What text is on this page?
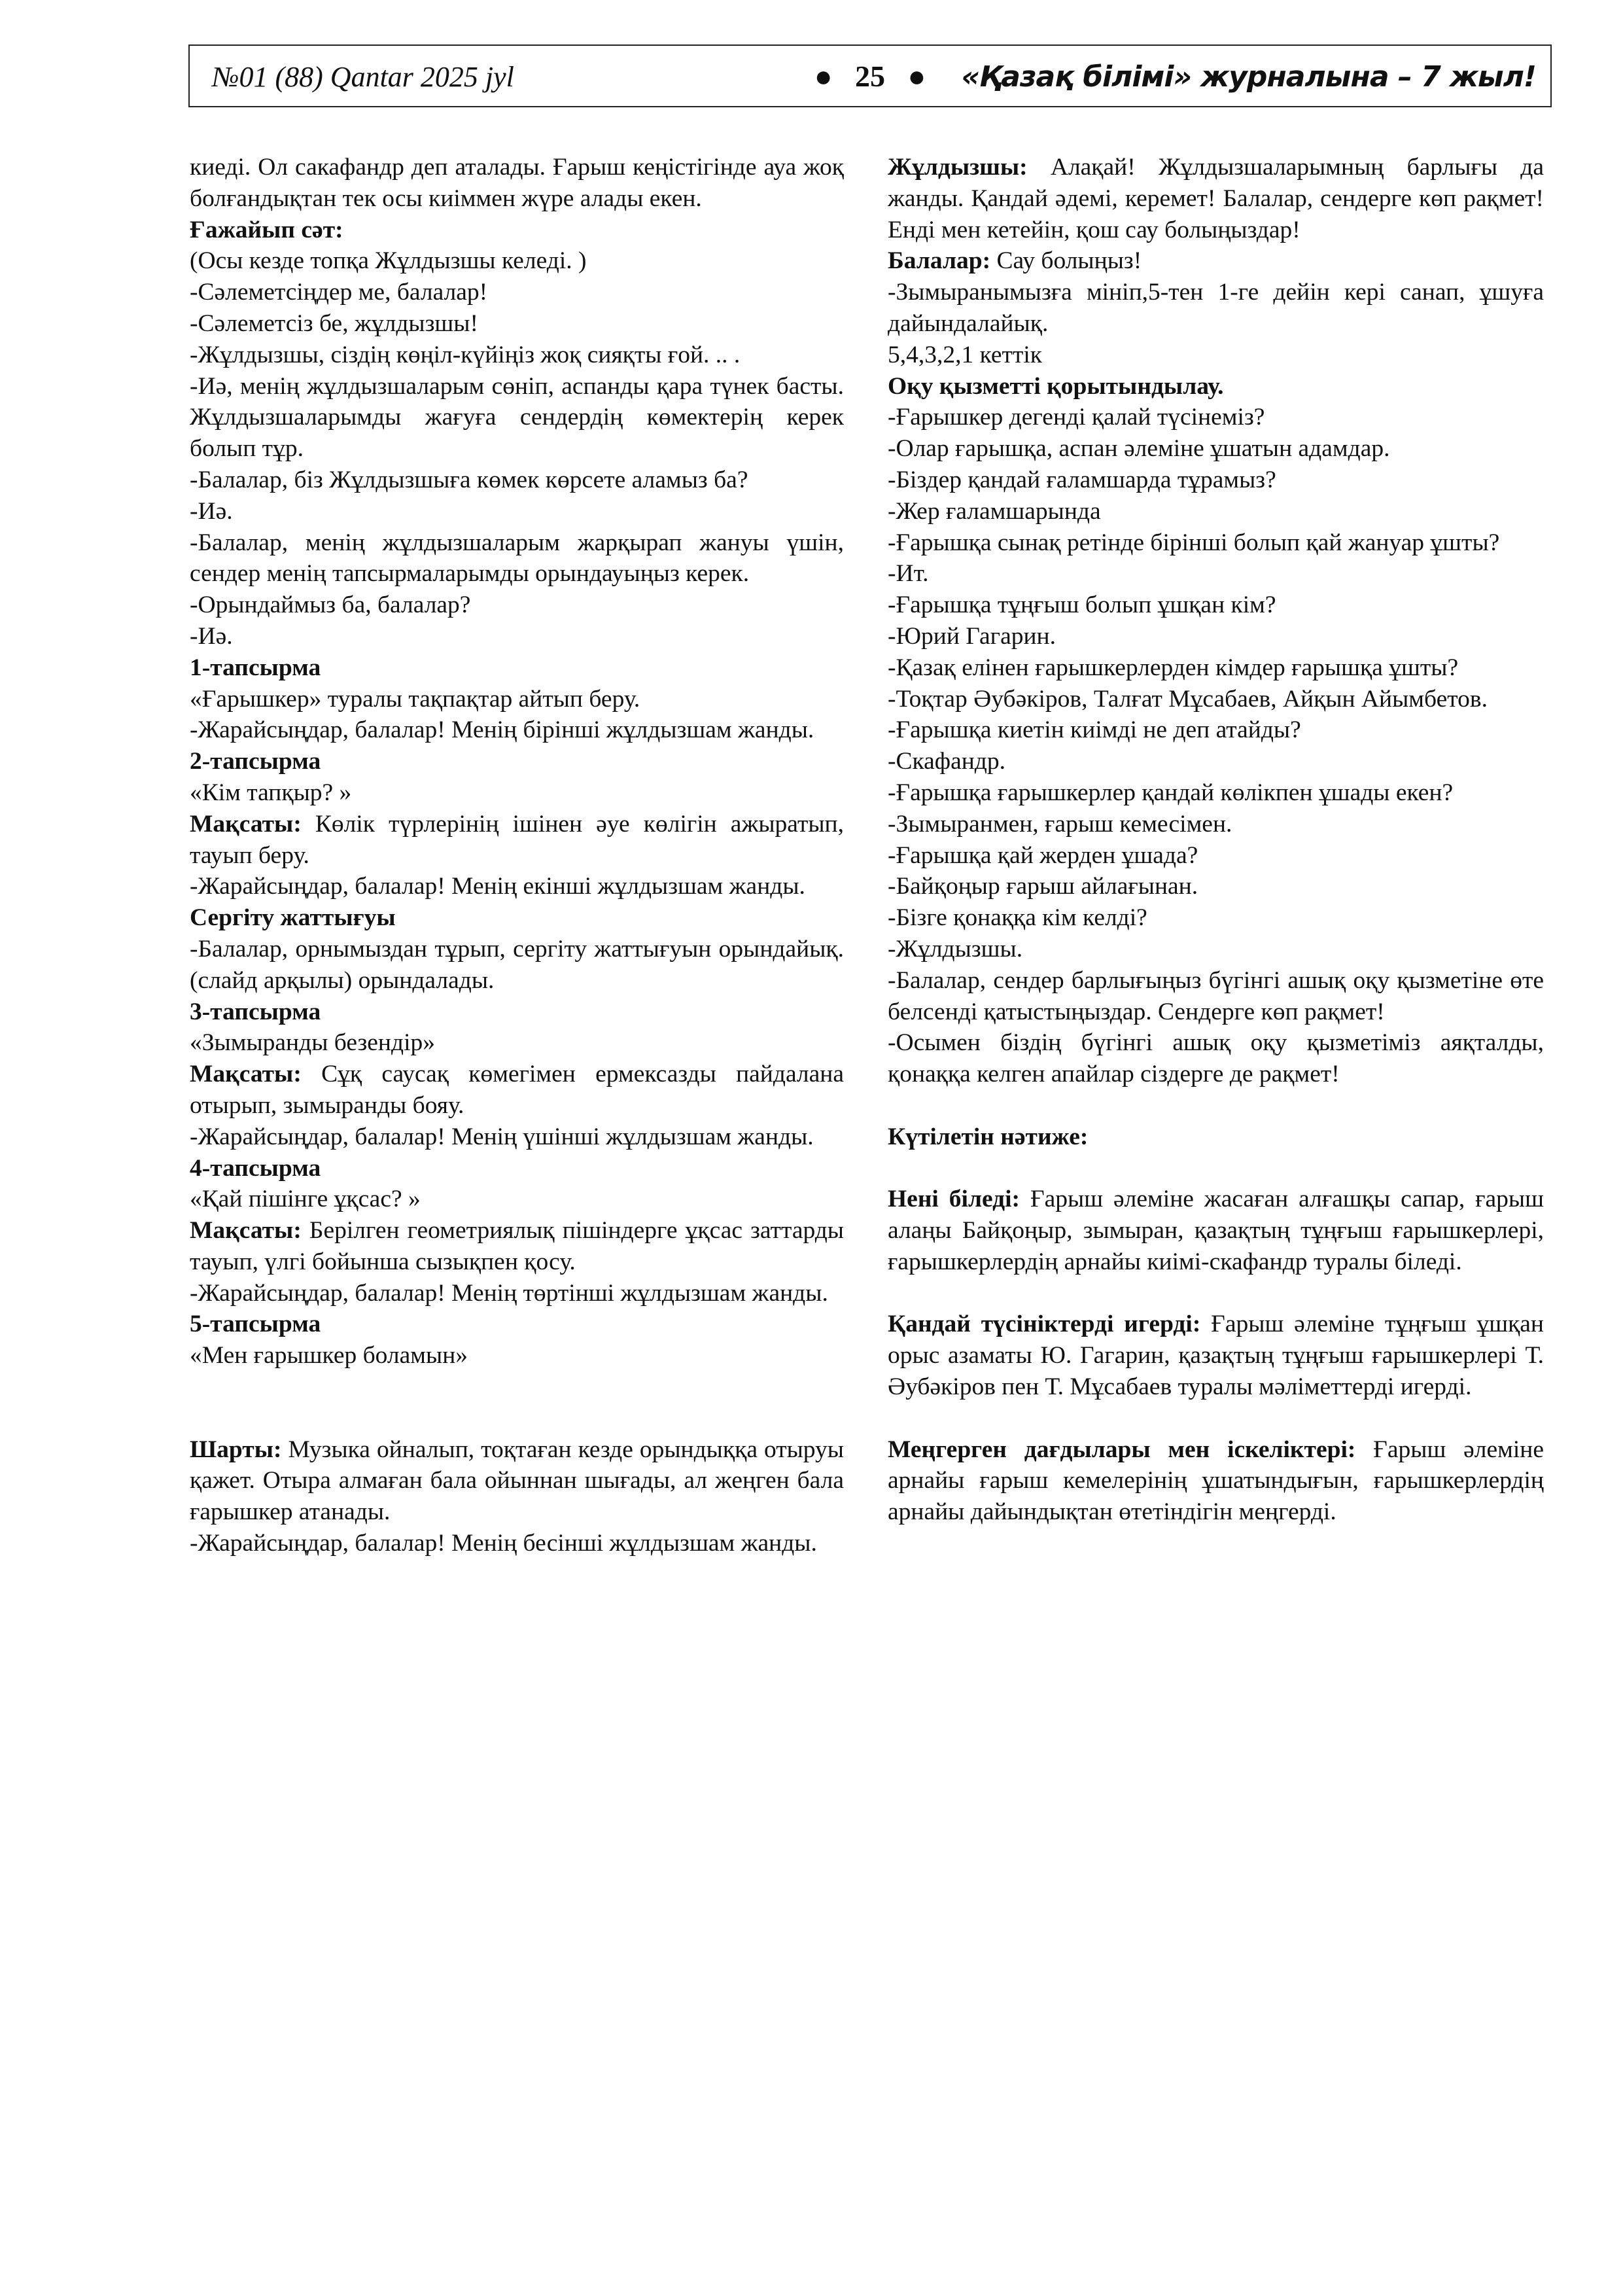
№01 (88) Qantar 2025 jyl	● 25 ●	«Қазақ білімі» журналына – 7 жыл!

киеді. Ол сакафандр деп аталады. Ғарыш кеңістігінде ауа жоқ болғандықтан тек осы киіммен жүре алады екен.

Ғажайып сәт:

(Осы кезде топқа Жұлдызшы келеді. )

-Сәлеметсіңдер ме, балалар!

-Сәлеметсіз бе, жұлдызшы!

-Жұлдызшы, сіздің көңіл-күйіңіз жоқ сияқты ғой. .. .

-Иә, менің жұлдызшаларым сөніп, аспанды қара түнек басты. Жұлдызшаларымды жағуға сендердің көмектерің керек болып тұр.

-Балалар, біз Жұлдызшыға көмек көрсете аламыз ба?

-Иә.

-Балалар, менің жұлдызшаларым жарқырап жануы үшін, сендер менің тапсырмаларымды орындауыңыз керек.

-Орындаймыз ба, балалар?

-Иә.

1-тапсырма

«Ғарышкер» туралы тақпақтар айтып беру.

-Жарайсыңдар, балалар! Менің бірінші жұлдызшам жанды.

2-тапсырма

«Кім тапқыр? »

Мақсаты: Көлік түрлерінің ішінен әуе көлігін ажыратып, тауып беру.

-Жарайсыңдар, балалар! Менің екінші жұлдызшам жанды.

Сергіту жаттығуы

-Балалар, орнымыздан тұрып, сергіту жаттығуын орындайық. (слайд арқылы) орындалады.

3-тапсырма

«Зымыранды безендір»

Мақсаты: Сұқ саусақ көмегімен ермексазды пайдалана отырып, зымыранды бояу.

-Жарайсыңдар, балалар! Менің үшінші жұлдызшам жанды.

4-тапсырма

«Қай пішінге ұқсас? »

Мақсаты: Берілген геометриялық пішіндерге ұқсас заттарды тауып, үлгі бойынша сызықпен қосу.

-Жарайсыңдар, балалар! Менің төртінші жұлдызшам жанды.

5-тапсырма

«Мен ғарышкер боламын»

Шарты: Музыка ойналып, тоқтаған кезде орындыққа отыруы қажет. Отыра алмаған бала ойыннан шығады, ал жеңген бала ғарышкер атанады.

-Жарайсыңдар, балалар! Менің бесінші жұлдызшам жанды.

Жұлдызшы: Алақай! Жұлдызшаларымның барлығы да жанды. Қандай әдемі, керемет! Балалар, сендерге көп рақмет! Енді мен кетейін, қош сау болыңыздар!

Балалар: Сау болыңыз!

-Зымыранымызға мініп,5-тен 1-ге дейін кері санап, ұшуға дайындалайық.

5,4,3,2,1 кеттік

Оқу қызметті қорытындылау.

-Ғарышкер дегенді қалай түсінеміз?

-Олар ғарышқа, аспан әлеміне ұшатын адамдар.

-Біздер қандай ғаламшарда тұрамыз?

-Жер ғаламшарында

-Ғарышқа сынақ ретінде бірінші болып қай жануар ұшты?

-Ит.

-Ғарышқа тұңғыш болып ұшқан кім?

-Юрий Гагарин.

-Қазақ елінен ғарышкерлерден кімдер ғарышқа ұшты?

-Тоқтар Әубәкіров, Талғат Мұсабаев, Айқын Айымбетов.

-Ғарышқа киетін киімді не деп атайды?

-Скафандр.

-Ғарышқа ғарышкерлер қандай көлікпен ұшады екен?

-Зымыранмен, ғарыш кемесімен.

-Ғарышқа қай жерден ұшада?

-Байқоңыр ғарыш айлағынан.

-Бізге қонаққа кім келді?

-Жұлдызшы.

-Балалар, сендер барлығыңыз бүгінгі ашық оқу қызметіне өте белсенді қатыстыңыздар. Сендерге көп рақмет!

-Осымен біздің бүгінгі ашық оқу қызметіміз аяқталды, қонаққа келген апайлар сіздерге де рақмет!

Күтілетін нәтиже:

Нені біледі: Ғарыш әлеміне жасаған алғашқы сапар, ғарыш алаңы Байқоңыр, зымыран, қазақтың тұңғыш ғарышкерлері, ғарышкерлердің арнайы киімі-скафандр туралы біледі.

Қандай түсініктерді игерді: Ғарыш әлеміне тұңғыш ұшқан орыс азаматы Ю. Гагарин, қазақтың тұңғыш ғарышкерлері Т. Әубәкіров пен Т. Мұсабаев туралы мәліметтерді игерді.

Меңгерген дағдылары мен іскеліктері: Ғарыш әлеміне арнайы ғарыш кемелерінің ұшатындығын, ғарышкерлердің арнайы дайындықтан өтетіндігін меңгерді.
